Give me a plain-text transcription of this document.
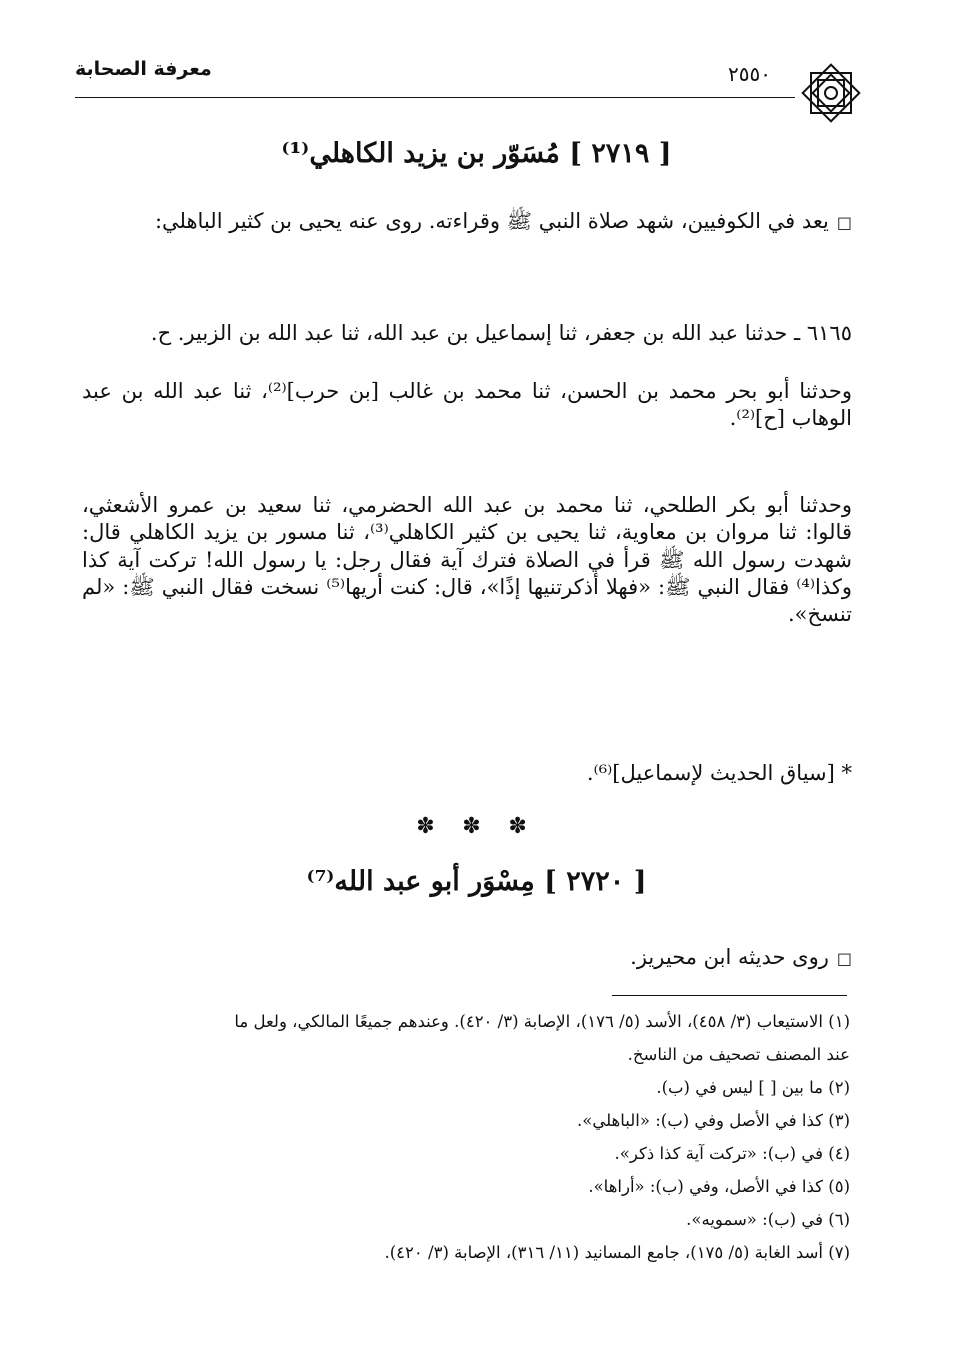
معرفة الصحابة	٢٥٥٠
[ ٢٧١٩ ] مُسَوّر بن يزيد الكاهلي⁽¹⁾
□يعد في الكوفيين، شهد صلاة النبي ﷺ وقراءته. روى عنه يحيى بن كثير الباهلي:
٦١٦٥ ـ حدثنا عبد الله بن جعفر، ثنا إسماعيل بن عبد الله، ثنا عبد الله بن الزبير. ح.
وحدثنا أبو بحر محمد بن الحسن، ثنا محمد بن غالب [بن حرب]⁽²⁾، ثنا عبد الله بن عبد الوهاب [ح]⁽²⁾.
وحدثنا أبو بكر الطلحي، ثنا محمد بن عبد الله الحضرمي، ثنا سعيد بن عمرو الأشعثي، قالوا: ثنا مروان بن معاوية، ثنا يحيى بن كثير الكاهلي⁽³⁾، ثنا مسور بن يزيد الكاهلي قال: شهدت رسول الله ﷺ قرأ في الصلاة فترك آية فقال رجل: يا رسول الله! تركت آية كذا وكذا⁽⁴⁾ فقال النبي ﷺ: «فهلا أذكرتنيها إذًا»، قال: كنت أريها⁽⁵⁾ نسخت فقال النبي ﷺ: «لم تنسخ».
* [سياق الحديث لإسماعيل]⁽⁶⁾.
✽ ✽ ✽
[ ٢٧٢٠ ] مِسْوَر أبو عبد الله⁽⁷⁾
□روى حديثه ابن محيريز.
(١) الاستيعاب (٣/ ٤٥٨)، الأسد (٥/ ١٧٦)، الإصابة (٣/ ٤٢٠). وعندهم جميعًا المالكي، ولعل ما
عند المصنف تصحيف من الناسخ.
(٢) ما بين [ ] ليس في (ب).
(٣) كذا في الأصل وفي (ب): «الباهلي».
(٤) في (ب): «تركت آية كذا ذكر».
(٥) كذا في الأصل، وفي (ب): «أراها».
(٦) في (ب): «سمويه».
(٧) أسد الغابة (٥/ ١٧٥)، جامع المسانيد (١١/ ٣١٦)، الإصابة (٣/ ٤٢٠).
